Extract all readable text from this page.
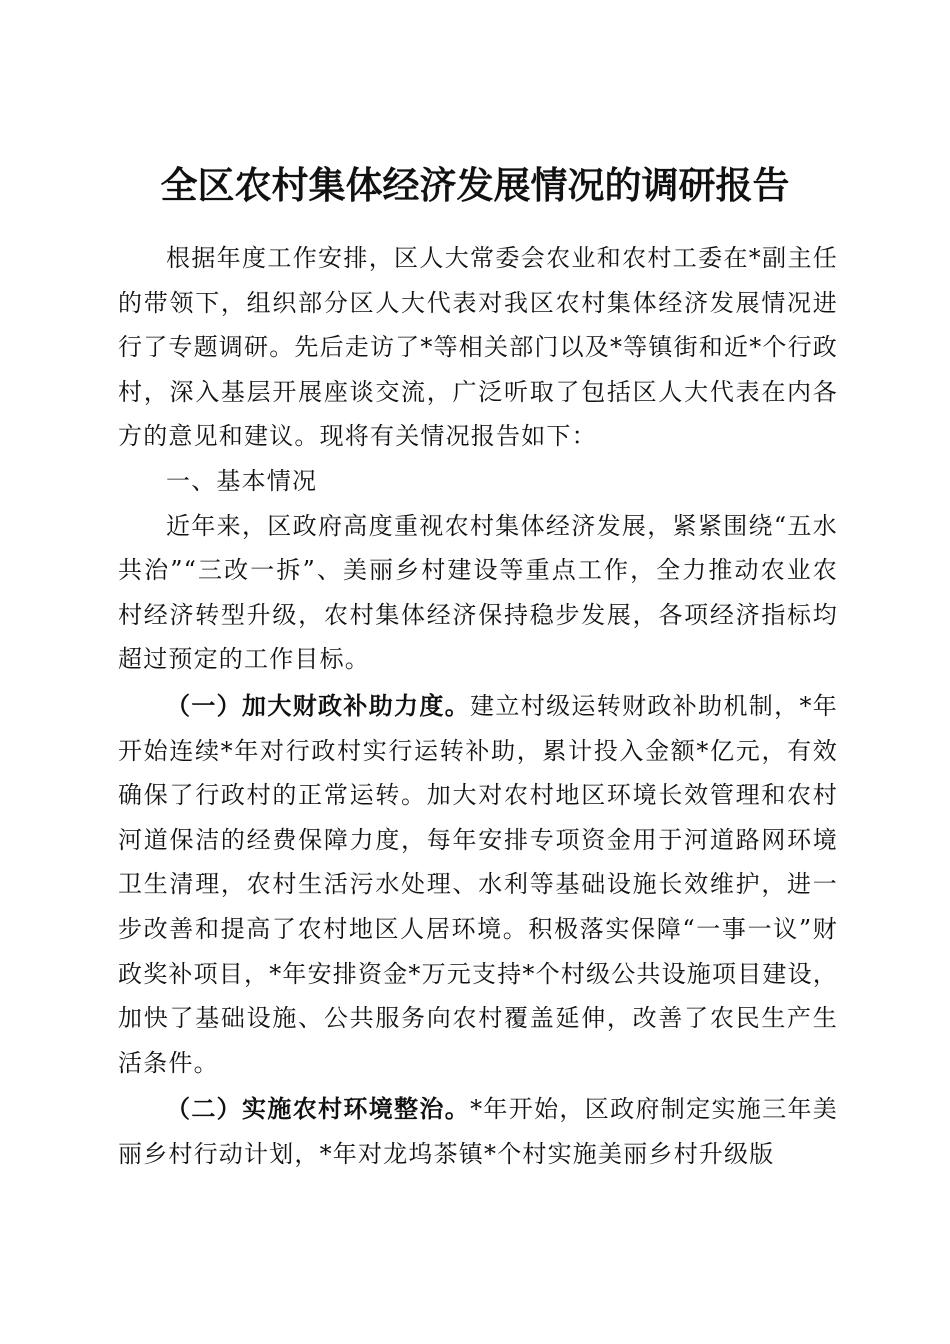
全区农村集体经济发展情况的调研报告

根据年度工作安排，区人大常委会农业和农村工委在*副主任的带领下，组织部分区人大代表对我区农村集体经济发展情况进行了专题调研。先后走访了*等相关部门以及*等镇街和近*个行政村，深入基层开展座谈交流，广泛听取了包括区人大代表在内各方的意见和建议。现将有关情况报告如下：

一、基本情况

近年来，区政府高度重视农村集体经济发展，紧紧围绕“五水共治”“三改一拆”、美丽乡村建设等重点工作，全力推动农业农村经济转型升级，农村集体经济保持稳步发展，各项经济指标均超过预定的工作目标。

（一）加大财政补助力度。建立村级运转财政补助机制，*年开始连续*年对行政村实行运转补助，累计投入金额*亿元，有效确保了行政村的正常运转。加大对农村地区环境长效管理和农村河道保洁的经费保障力度，每年安排专项资金用于河道路网环境卫生清理，农村生活污水处理、水利等基础设施长效维护，进一步改善和提高了农村地区人居环境。积极落实保障“一事一议”财政奖补项目，*年安排资金*万元支持*个村级公共设施项目建设，加快了基础设施、公共服务向农村覆盖延伸，改善了农民生产生活条件。

（二）实施农村环境整治。*年开始，区政府制定实施三年美丽乡村行动计划，*年对龙坞茶镇*个村实施美丽乡村升级版
